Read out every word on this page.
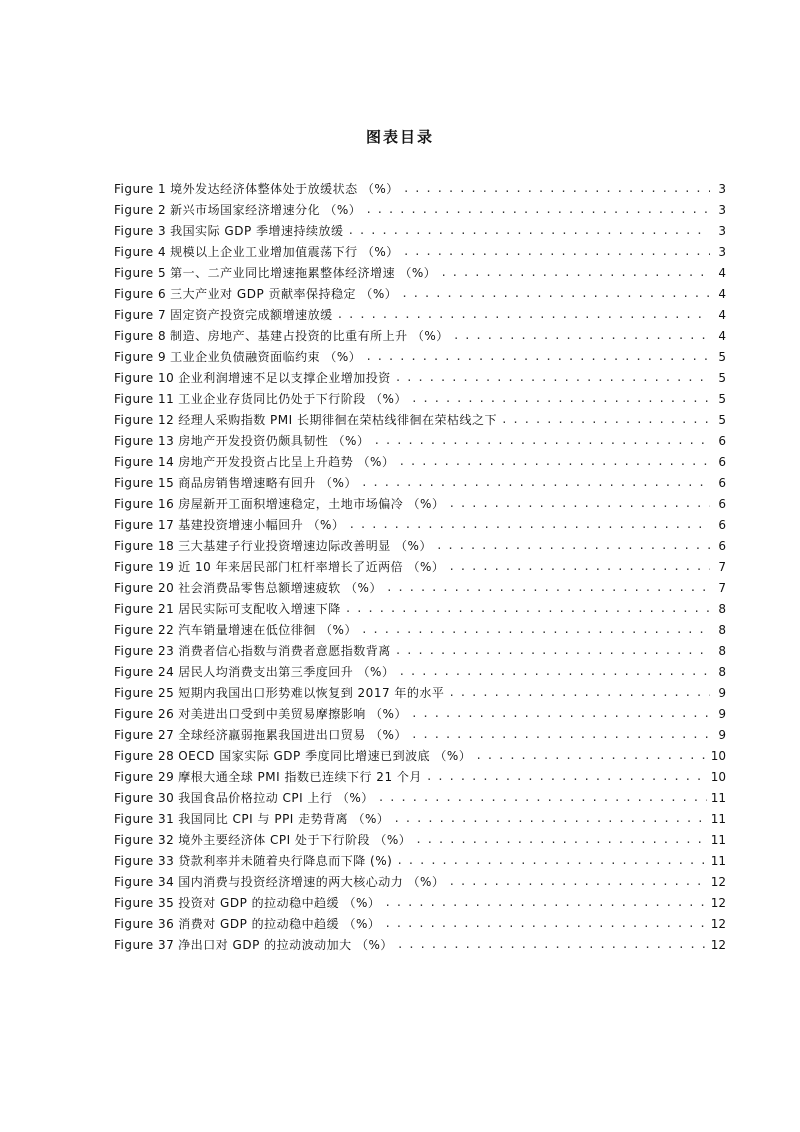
图表目录
Figure 1 境外发达经济体整体处于放缓状态 （%） . . .	3
Figure 2 新兴市场国家经济增速分化 （%） . . .	3
Figure 3 我国实际 GDP 季增速持续放缓 . . .	3
Figure 4 规模以上企业工业增加值震荡下行 （%） . . .	3
Figure 5 第一、二产业同比增速拖累整体经济增速 （%） . . .	4
Figure 6 三大产业对 GDP 贡献率保持稳定 （%） . . .	4
Figure 7 固定资产投资完成额增速放缓 . . .	4
Figure 8 制造、房地产、基建占投资的比重有所上升 （%） . . .	4
Figure 9 工业企业负债融资面临约束 （%） . . .	5
Figure 10 企业利润增速不足以支撑企业增加投资 . . .	5
Figure 11 工业企业存货同比仍处于下行阶段 （%） . . .	5
Figure 12 经理人采购指数 PMI 长期徘徊在荣枯线徘徊在荣枯线之下 . . .	5
Figure 13 房地产开发投资仍颇具韧性 （%） . . .	6
Figure 14 房地产开发投资占比呈上升趋势 （%） . . .	6
Figure 15 商品房销售增速略有回升 （%） . . .	6
Figure 16 房屋新开工面积增速稳定，土地市场偏冷 （%） . . .	6
Figure 17 基建投资增速小幅回升 （%） . . .	6
Figure 18 三大基建子行业投资增速边际改善明显 （%） . . .	6
Figure 19 近 10 年来居民部门杠杆率增长了近两倍 （%） . . .	7
Figure 20 社会消费品零售总额增速疲软 （%） . . .	7
Figure 21 居民实际可支配收入增速下降 . . .	8
Figure 22 汽车销量增速在低位徘徊 （%） . . .	8
Figure 23 消费者信心指数与消费者意愿指数背离 . . .	8
Figure 24 居民人均消费支出第三季度回升 （%） . . .	8
Figure 25 短期内我国出口形势难以恢复到 2017 年的水平 . . .	9
Figure 26 对美进出口受到中美贸易摩擦影响 （%） . . .	9
Figure 27 全球经济羸弱拖累我国进出口贸易 （%） . . .	9
Figure 28 OECD 国家实际 GDP 季度同比增速已到波底 （%） . . .	10
Figure 29 摩根大通全球 PMI 指数已连续下行 21 个月 . . .	10
Figure 30 我国食品价格拉动 CPI 上行 （%） . . .	11
Figure 31 我国同比 CPI 与 PPI 走势背离 （%） . . .	11
Figure 32 境外主要经济体 CPI 处于下行阶段 （%） . . .	11
Figure 33 贷款利率并未随着央行降息而下降 (%) . . .	11
Figure 34 国内消费与投资经济增速的两大核心动力 （%） . . .	12
Figure 35 投资对 GDP 的拉动稳中趋缓 （%） . . .	12
Figure 36 消费对 GDP 的拉动稳中趋缓 （%） . . .	12
Figure 37 净出口对 GDP 的拉动波动加大 （%） . . .	12
